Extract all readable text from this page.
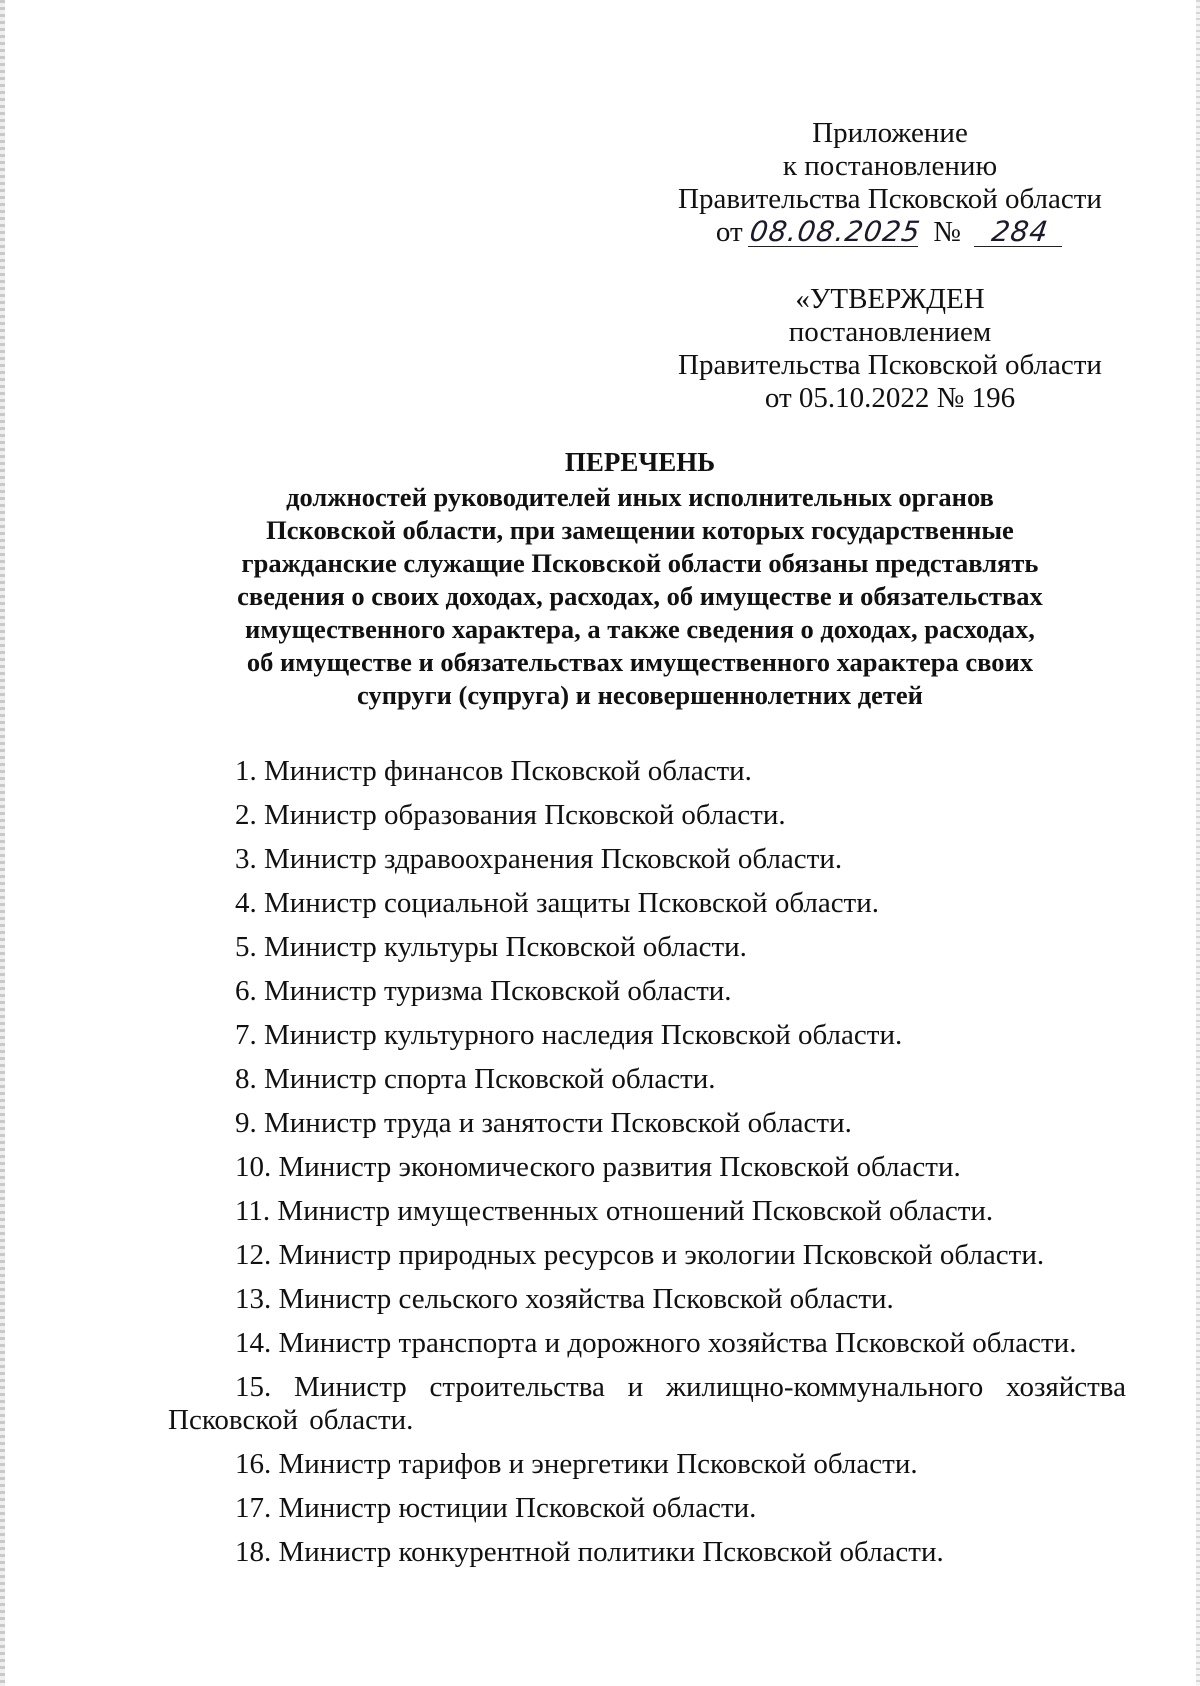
Приложение
к постановлению
Правительства Псковской области
от 08.08.2025 № 284
«УТВЕРЖДЕН
постановлением
Правительства Псковской области
от 05.10.2022 № 196
ПЕРЕЧЕНЬ
должностей руководителей иных исполнительных органов
Псковской области, при замещении которых государственные
гражданские служащие Псковской области обязаны представлять
сведения о своих доходах, расходах, об имуществе и обязательствах
имущественного характера, а также сведения о доходах, расходах,
об имуществе и обязательствах имущественного характера своих
супруги (супруга) и несовершеннолетних детей
1. Министр финансов Псковской области.
2. Министр образования Псковской области.
3. Министр здравоохранения Псковской области.
4. Министр социальной защиты Псковской области.
5. Министр культуры Псковской области.
6. Министр туризма Псковской области.
7. Министр культурного наследия Псковской области.
8. Министр спорта Псковской области.
9. Министр труда и занятости Псковской области.
10. Министр экономического развития Псковской области.
11. Министр имущественных отношений Псковской области.
12. Министр природных ресурсов и экологии Псковской области.
13. Министр сельского хозяйства Псковской области.
14. Министр транспорта и дорожного хозяйства Псковской области.
15. Министр строительства и жилищно-коммунального хозяйства Псковской области.
16. Министр тарифов и энергетики Псковской области.
17. Министр юстиции Псковской области.
18. Министр конкурентной политики Псковской области.
